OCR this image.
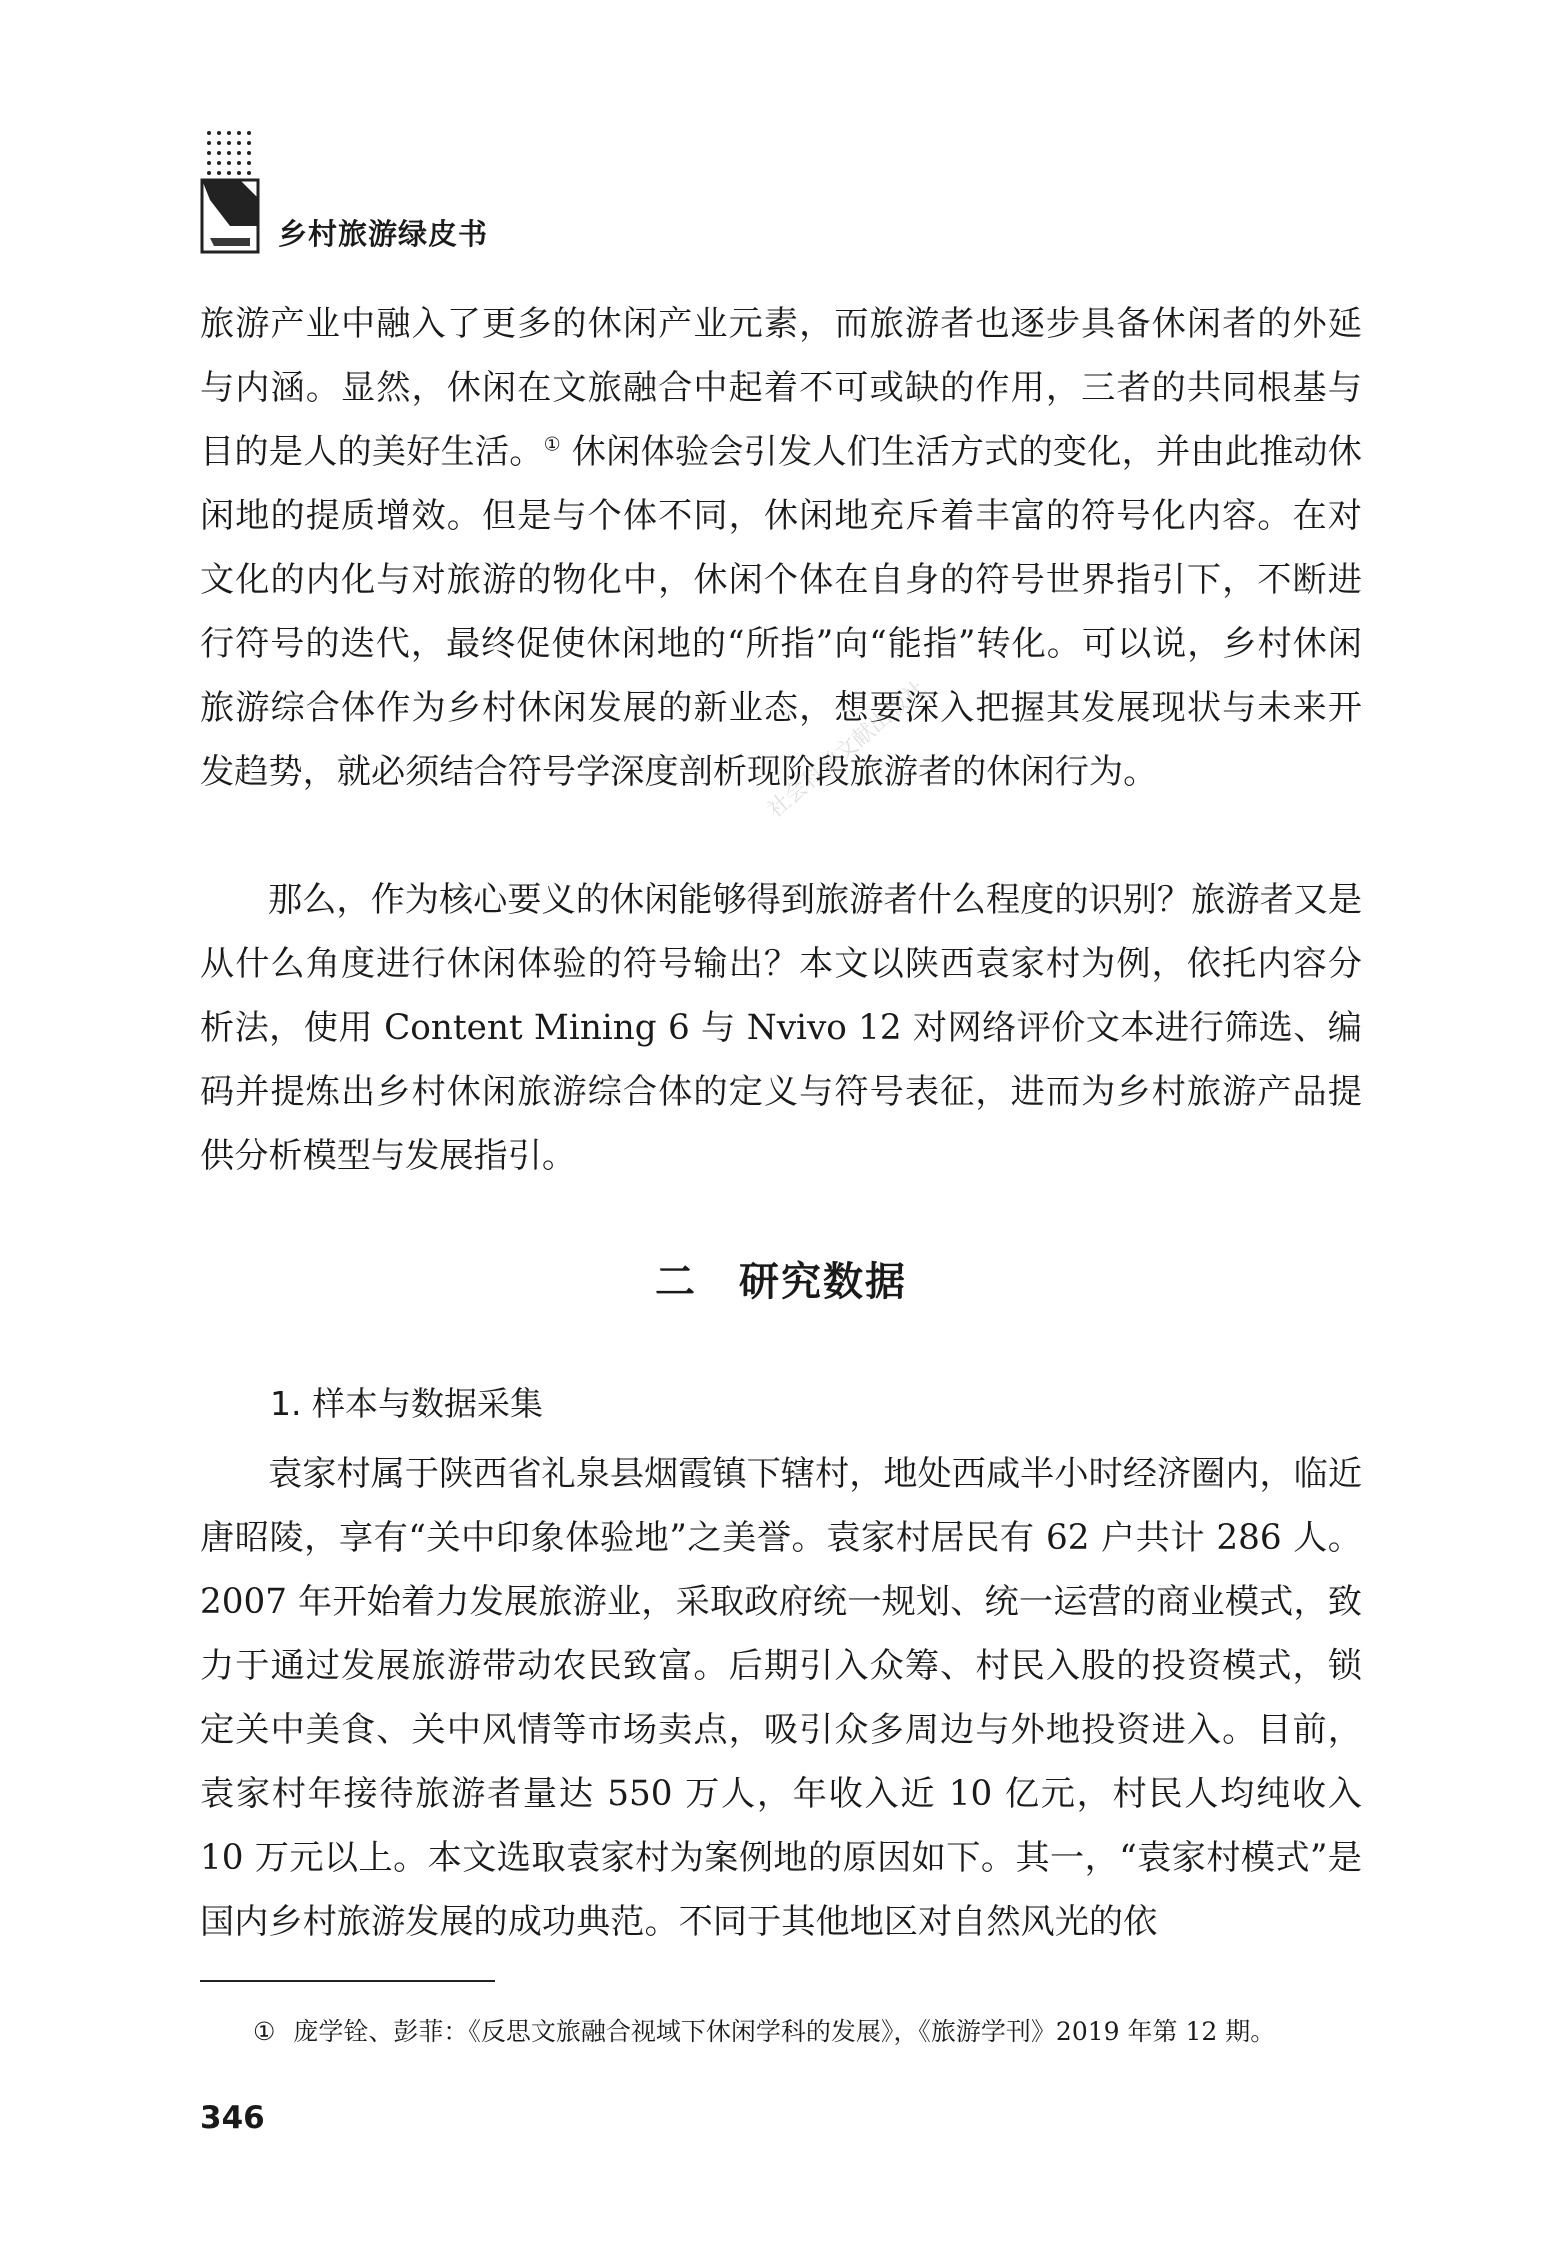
乡村旅游绿皮书

旅游产业中融入了更多的休闲产业元素，而旅游者也逐步具备休闲者的外延与内涵。显然，休闲在文旅融合中起着不可或缺的作用，三者的共同根基与目的是人的美好生活。① 休闲体验会引发人们生活方式的变化，并由此推动休闲地的提质增效。但是与个体不同，休闲地充斥着丰富的符号化内容。在对文化的内化与对旅游的物化中，休闲个体在自身的符号世界指引下，不断进行符号的迭代，最终促使休闲地的“所指”向“能指”转化。可以说，乡村休闲旅游综合体作为乡村休闲发展的新业态，想要深入把握其发展现状与未来开发趋势，就必须结合符号学深度剖析现阶段旅游者的休闲行为。

那么，作为核心要义的休闲能够得到旅游者什么程度的识别？旅游者又是从什么角度进行休闲体验的符号输出？本文以陕西袁家村为例，依托内容分析法，使用 Content Mining 6 与 Nvivo 12 对网络评价文本进行筛选、编码并提炼出乡村休闲旅游综合体的定义与符号表征，进而为乡村旅游产品提供分析模型与发展指引。

二　研究数据
1. 样本与数据采集

袁家村属于陕西省礼泉县烟霞镇下辖村，地处西咸半小时经济圈内，临近唐昭陵，享有“关中印象体验地”之美誉。袁家村居民有 62 户共计 286 人。2007 年开始着力发展旅游业，采取政府统一规划、统一运营的商业模式，致力于通过发展旅游带动农民致富。后期引入众筹、村民入股的投资模式，锁定关中美食、关中风情等市场卖点，吸引众多周边与外地投资进入。目前，袁家村年接待旅游者量达 550 万人，年收入近 10 亿元，村民人均纯收入 10 万元以上。本文选取袁家村为案例地的原因如下。其一，“袁家村模式”是国内乡村旅游发展的成功典范。不同于其他地区对自然风光的依

① 庞学铨、彭菲：《反思文旅融合视域下休闲学科的发展》，《旅游学刊》2019 年第 12 期。
346
社会科学文献出版社
